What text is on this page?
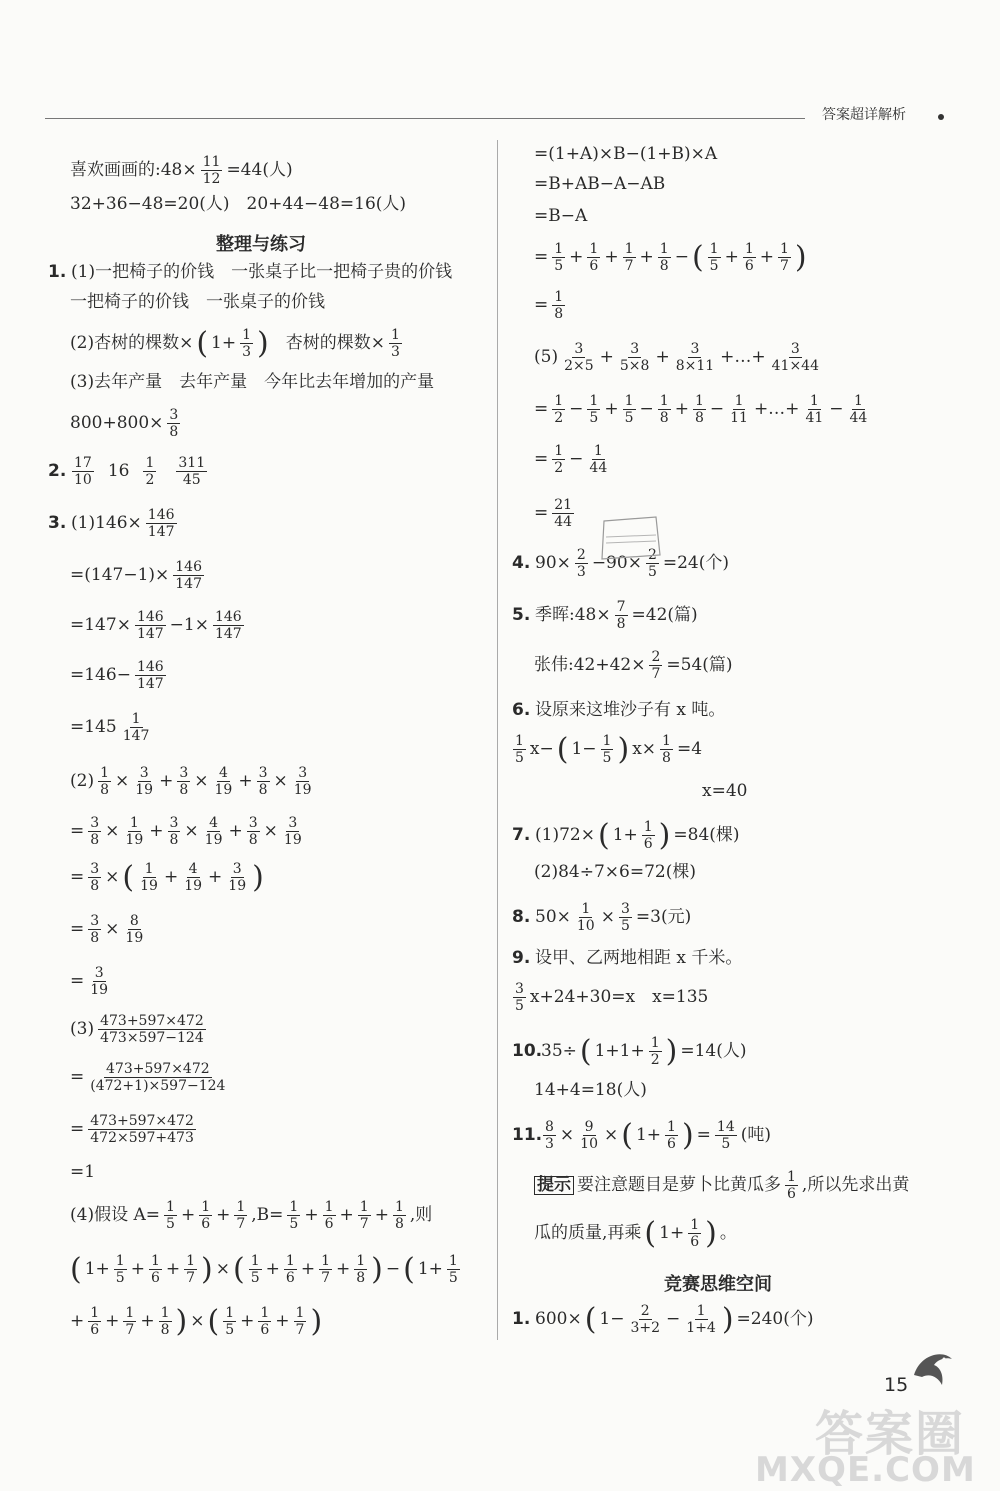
答案超详解析
喜欢画画的:48× $\frac{11}{12} =44$(人)
32+36−48=20(人)　20+44−48=16(人)
整理与练习
1. (1)一把椅子的价钱　一张桌子比一把椅子贵的价钱
一把椅子的价钱　一张桌子的价钱
(2)杏树的棵数× ( $1+ \frac{1}{3}$ ) 杏树的棵数× $\frac{1}{3}$
(3)去年产量　去年产量　今年比去年增加的产量
$800+800\times \frac{3}{8}$
2. $\frac{17}{10} 16 \frac{1}{2} \frac{311}{45}$
3. $(1)146\times \frac{146}{147}$
$=(147-1)\times \frac{146}{147}$
$=147\times \frac{146}{147} -1\times \frac{146}{147}$
$=146- \frac{146}{147}$
$=145 \frac{1}{147}$
$(2) \frac{1}{8} \times \frac{3}{19} + \frac{3}{8} \times \frac{4}{19} + \frac{3}{8} \times \frac{3}{19}$
= $\frac{3}{8} \times \frac{1}{19} + \frac{3}{8} \times \frac{4}{19} + \frac{3}{8} \times \frac{3}{19}$
= $\frac{3}{8}$ × ( $\frac{1}{19} + \frac{4}{19} + \frac{3}{19}$ )
= $\frac{3}{8} \times \frac{8}{19}$
= $\frac{3}{19}$
$(3) \frac{473+597\times 472}{473\times 597-124}$
= $\frac{473+597\times 472}{(472+1)\times 597-124}$
= $\frac{473+597\times 472}{472\times 597+473}$
=1
(4)假设 $A= \frac{1}{5} + \frac{1}{6} + \frac{1}{7} ,B= \frac{1}{5} + \frac{1}{6} + \frac{1}{7} + \frac{1}{8}$ ,则
( $1+ \frac{1}{5} + \frac{1}{6} + \frac{1}{7}$ ) × ( $\frac{1}{5} + \frac{1}{6} + \frac{1}{7} + \frac{1}{8}$ ) − ( $1+ \frac{1}{5}$
+ $\frac{1}{6} + \frac{1}{7} + \frac{1}{8}$ ) × ( $\frac{1}{5} + \frac{1}{6} + \frac{1}{7}$ )
=(1+A)×B−(1+B)×A
=B+AB−A−AB
=B−A
= $\frac{1}{5} + \frac{1}{6} + \frac{1}{7} + \frac{1}{8}$ − ( $\frac{1}{5} + \frac{1}{6} + \frac{1}{7}$ )
= $\frac{1}{8}$
$(5) \frac{3}{2\times 5} + \frac{3}{5\times 8} + \frac{3}{8\times 11}$ +…+ $\frac{3}{41\times 44}$
= $\frac{1}{2} - \frac{1}{5} + \frac{1}{5} - \frac{1}{8} + \frac{1}{8} - \frac{1}{11}$ +…+ $\frac{1}{41} - \frac{1}{44}$
= $\frac{1}{2} - \frac{1}{44}$
= $\frac{21}{44}$
4. $90\times \frac{2}{3} -90\times \frac{2}{5} =24$(个)
5. 季晖:48× $\frac{7}{8} =42$(篇)
张伟:42+42× $\frac{2}{7} =54$(篇)
6. 设原来这堆沙子有 x 吨。
$\frac{1}{5} x-$ ( $1- \frac{1}{5}$ ) $x\times \frac{1}{8} =4$
x=40
7. (1)72× ( $1+ \frac{1}{6}$ ) =84(棵)
(2)84÷7×6=72(棵)
8. $50\times \frac{1}{10} \times \frac{3}{5} =3$(元)
9. 设甲、乙两地相距 x 千米。
$\frac{3}{5} x+24+30=x$　x=135
10.
35÷ ( $1+1+ \frac{1}{2}$ ) =14(人)
14+4=18(人)
11. $\frac{8}{3} \times \frac{9}{10}$ × ( $1+ \frac{1}{6}$ ) = $\frac{14}{5}$ (吨)
提示 要注意题目是萝卜比黄瓜多 $\frac{1}{6}$ ,所以先求出黄
瓜的质量,再乘 ( $1+ \frac{1}{6}$ ) 。
竞赛思维空间
1. 600× ( $1- \frac{2}{3+2} - \frac{1}{1+4}$ ) =240(个)
15
答案圈
MXQE.COM
